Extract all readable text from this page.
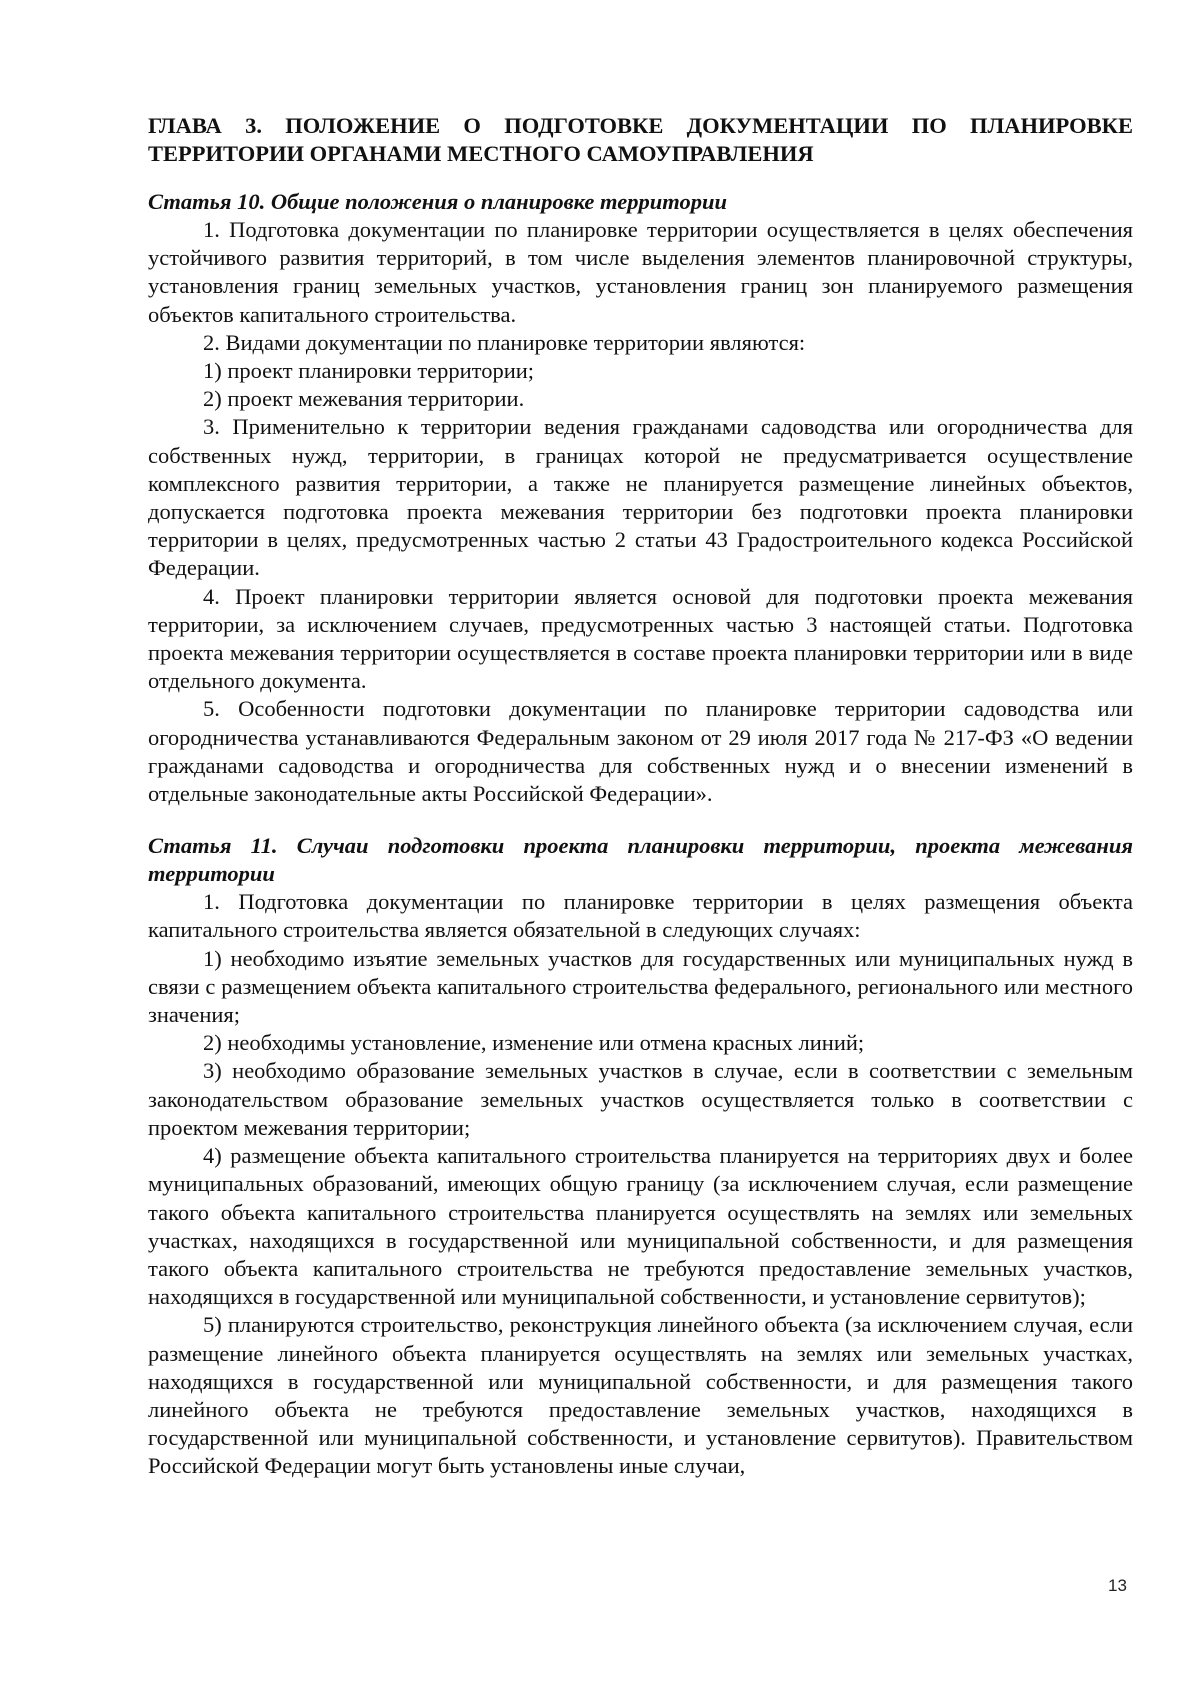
ГЛАВА 3. ПОЛОЖЕНИЕ О ПОДГОТОВКЕ ДОКУМЕНТАЦИИ ПО ПЛАНИРОВКЕ ТЕРРИТОРИИ ОРГАНАМИ МЕСТНОГО САМОУПРАВЛЕНИЯ
Статья 10. Общие положения о планировке территории

1. Подготовка документации по планировке территории осуществляется в целях обеспечения устойчивого развития территорий, в том числе выделения элементов планировочной структуры, установления границ земельных участков, установления границ зон планируемого размещения объектов капитального строительства.

2. Видами документации по планировке территории являются:

1) проект планировки территории;

2) проект межевания территории.

3. Применительно к территории ведения гражданами садоводства или огородничества для собственных нужд, территории, в границах которой не предусматривается осуществление комплексного развития территории, а также не планируется размещение линейных объектов, допускается подготовка проекта межевания территории без подготовки проекта планировки территории в целях, предусмотренных частью 2 статьи 43 Градостроительного кодекса Российской Федерации.

4. Проект планировки территории является основой для подготовки проекта межевания территории, за исключением случаев, предусмотренных частью 3 настоящей статьи. Подготовка проекта межевания территории осуществляется в составе проекта планировки территории или в виде отдельного документа.

5. Особенности подготовки документации по планировке территории садоводства или огородничества устанавливаются Федеральным законом от 29 июля 2017 года № 217-ФЗ «О ведении гражданами садоводства и огородничества для собственных нужд и о внесении изменений в отдельные законодательные акты Российской Федерации».

Статья 11. Случаи подготовки проекта планировки территории, проекта межевания территории

1. Подготовка документации по планировке территории в целях размещения объекта капитального строительства является обязательной в следующих случаях:

1) необходимо изъятие земельных участков для государственных или муниципальных нужд в связи с размещением объекта капитального строительства федерального, регионального или местного значения;

2) необходимы установление, изменение или отмена красных линий;

3) необходимо образование земельных участков в случае, если в соответствии с земельным законодательством образование земельных участков осуществляется только в соответствии с проектом межевания территории;

4) размещение объекта капитального строительства планируется на территориях двух и более муниципальных образований, имеющих общую границу (за исключением случая, если размещение такого объекта капитального строительства планируется осуществлять на землях или земельных участках, находящихся в государственной или муниципальной собственности, и для размещения такого объекта капитального строительства не требуются предоставление земельных участков, находящихся в государственной или муниципальной собственности, и установление сервитутов);

5) планируются строительство, реконструкция линейного объекта (за исключением случая, если размещение линейного объекта планируется осуществлять на землях или земельных участках, находящихся в государственной или муниципальной собственности, и для размещения такого линейного объекта не требуются предоставление земельных участков, находящихся в государственной или муниципальной собственности, и установление сервитутов). Правительством Российской Федерации могут быть установлены иные случаи,

13
